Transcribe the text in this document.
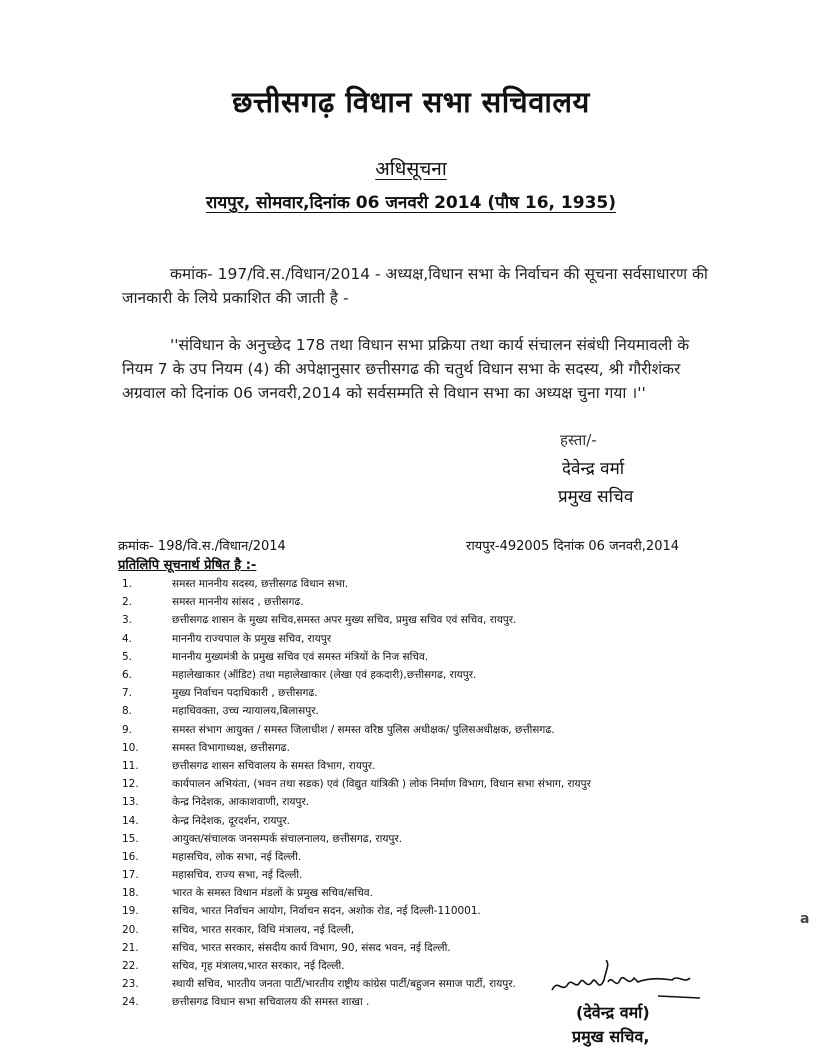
छत्तीसगढ़ विधान सभा सचिवालय
अधिसूचना
रायपुर, सोमवार,दिनांक 06 जनवरी 2014 (पौष 16, 1935)
कमांक- 197/वि.स./विधान/2014 - अध्यक्ष,विधान सभा के निर्वाचन की सूचना सर्वसाधारण की जानकारी के लिये प्रकाशित की जाती है -
''संविधान के अनुच्छेद 178 तथा विधान सभा प्रक्रिया तथा कार्य संचालन संबंधी नियमावली के नियम 7 के उप नियम (4) की अपेक्षानुसार छत्तीसगढ की चतुर्थ विधान सभा के सदस्य, श्री गौरीशंकर अग्रवाल को दिनांक 06 जनवरी,2014 को सर्वसम्मति से विधान सभा का अध्यक्ष चुना गया ।''
हस्ता/-
देवेन्द्र वर्मा
प्रमुख सचिव
क्रमांक- 198/वि.स./विधान/2014	रायपुर-492005 दिनांक 06 जनवरी,2014
प्रतिलिपि सूचनार्थ प्रेषित है :-
1.	समस्त माननीय सदस्य, छत्तीसगढ विधान सभा.
2.	समस्त माननीय सांसद , छत्तीसगढ.
3.	छत्तीसगढ शासन के मुख्य सचिव,समस्त अपर मुख्य सचिव, प्रमुख सचिव एवं सचिव, रायपुर.
4.	माननीय राज्यपाल के प्रमुख सचिव, रायपुर
5.	माननीय मुख्यमंत्री के प्रमुख सचिव एवं समस्त मंत्रियों के निज सचिव.
6.	महालेखाकार (ऑडिट) तथा महालेखाकार (लेखा एवं हकदारी),छत्तीसगढ, रायपुर.
7.	मुख्य निर्वाचन पदाधिकारी , छत्तीसगढ.
8.	महाधिवक्ता, उच्च न्यायालय,बिलासपुर.
9.	समस्त संभाग आयुक्त / समस्त जिलाधीश / समस्त वरिष्ठ पुलिस अधीक्षक/ पुलिसअधीक्षक, छत्तीसगढ.
10.	समस्त विभागाध्यक्ष, छत्तीसगढ.
11.	छत्तीसगढ शासन सचिवालय के समस्त विभाग, रायपुर.
12.	कार्यपालन अभियंता, (भवन तथा सडक) एवं (विद्युत यांत्रिकी ) लोक निर्माण विभाग, विधान सभा संभाग, रायपुर
13.	केन्द्र निदेशक, आकाशवाणी, रायपुर.
14.	केन्द्र निदेशक, दूरदर्शन, रायपुर.
15.	आयुक्त/संचालक जनसम्पर्क संचालनालय, छत्तीसगढ, रायपुर.
16.	महासचिव, लोक सभा, नई दिल्ली.
17.	महासचिव, राज्य सभा, नई दिल्ली.
18.	भारत के समस्त विधान मंडलों के प्रमुख सचिव/सचिव.
19.	सचिव, भारत निर्वाचन आयोग, निर्वाचन सदन, अशोक रोड, नई दिल्ली-110001.
20.	सचिव, भारत सरकार, विधि मंत्रालय, नई दिल्ली,
21.	सचिव, भारत सरकार, संसदीय कार्य विभाग, 90, संसद भवन, नई दिल्ली.
22.	सचिव, गृह मंत्रालय,भारत सरकार, नई दिल्ली.
23.	स्थायी सचिव, भारतीय जनता पार्टी/भारतीय राष्ट्रीय कांग्रेस पार्टी/बहुजन समाज पार्टी, रायपुर.
24.	छत्तीसगढ विधान सभा सचिवालय की समस्त शाखा .
(देवेन्द्र वर्मा)
प्रमुख सचिव,
a
